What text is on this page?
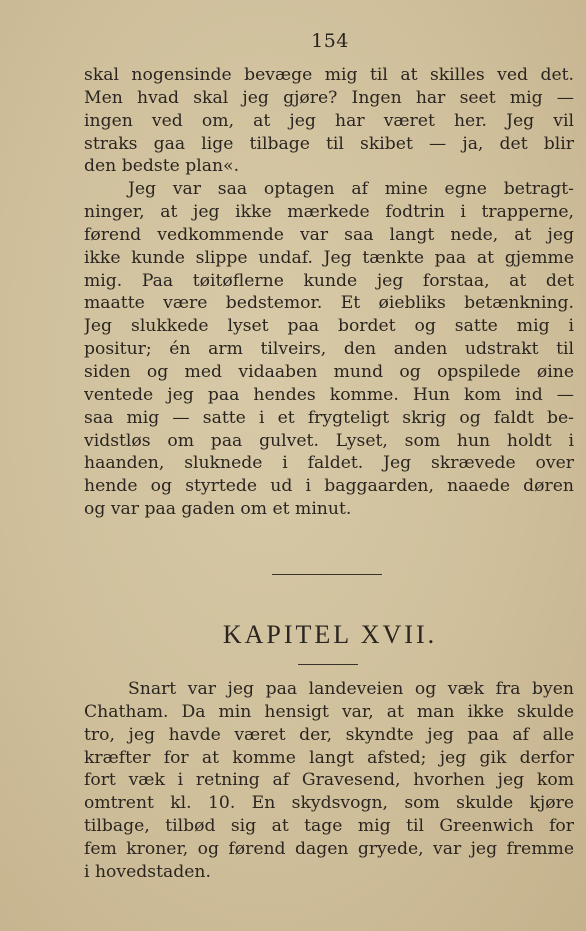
154
skal nogensinde bevæge mig til at skilles ved det.
Men hvad skal jeg gjøre? Ingen har seet mig —
ingen ved om, at jeg har været her. Jeg vil
straks gaa lige tilbage til skibet — ja, det blir
den bedste plan«.
Jeg var saa optagen af mine egne betragt-
ninger, at jeg ikke mærkede fodtrin i trapperne,
førend vedkommende var saa langt nede, at jeg
ikke kunde slippe undaf. Jeg tænkte paa at gjemme
mig. Paa tøitøflerne kunde jeg forstaa, at det
maatte være bedstemor. Et øiebliks betænkning.
Jeg slukkede lyset paa bordet og satte mig i
positur; én arm tilveirs, den anden udstrakt til
siden og med vidaaben mund og opspilede øine
ventede jeg paa hendes komme. Hun kom ind —
saa mig — satte i et frygteligt skrig og faldt be-
vidstløs om paa gulvet. Lyset, som hun holdt i
haanden, sluknede i faldet. Jeg skrævede over
hende og styrtede ud i baggaarden, naaede døren
og var paa gaden om et minut.
KAPITEL XVII.
Snart var jeg paa landeveien og væk fra byen
Chatham. Da min hensigt var, at man ikke skulde
tro, jeg havde været der, skyndte jeg paa af alle
kræfter for at komme langt afsted; jeg gik derfor
fort væk i retning af Gravesend, hvorhen jeg kom
omtrent kl. 10. En skydsvogn, som skulde kjøre
tilbage, tilbød sig at tage mig til Greenwich for
fem kroner, og førend dagen gryede, var jeg fremme
i hovedstaden.
